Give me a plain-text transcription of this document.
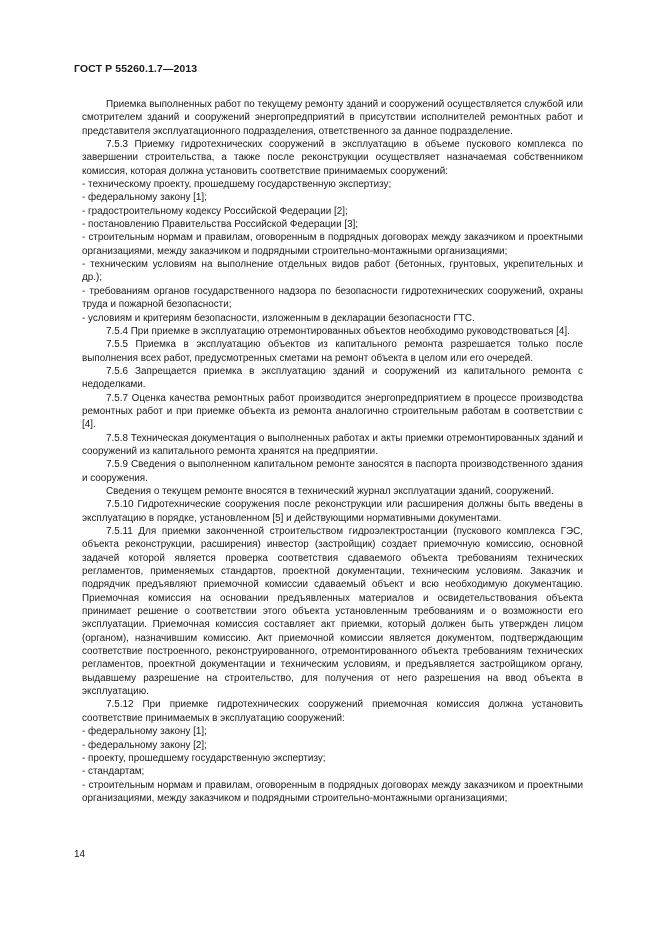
ГОСТ Р 55260.1.7—2013

Приемка выполненных работ по текущему ремонту зданий и сооружений осуществляется службой или смотрителем зданий и сооружений энергопредприятий в присутствии исполнителей ремонтных работ и представителя эксплуатационного подразделения, ответственного за данное подразделение.

7.5.3 Приемку гидротехнических сооружений в эксплуатацию в объеме пускового комплекса по завершении строительства, а также после реконструкции осуществляет назначаемая собственником комиссия, которая должна установить соответствие принимаемых сооружений:

- техническому проекту, прошедшему государственную экспертизу;

- федеральному закону [1];

- градостроительному кодексу Российской Федерации [2];

- постановлению Правительства Российской Федерации [3];

- строительным нормам и правилам, оговоренным в подрядных договорах между заказчиком и проектными организациями, между заказчиком и подрядными строительно-монтажными организациями;

- техническим условиям на выполнение отдельных видов работ (бетонных, грунтовых, укрепительных и др.);

- требованиям органов государственного надзора по безопасности гидротехнических сооружений, охраны труда и пожарной безопасности;

- условиям и критериям безопасности, изложенным в декларации безопасности ГТС.

7.5.4 При приемке в эксплуатацию отремонтированных объектов необходимо руководствоваться [4].

7.5.5 Приемка в эксплуатацию объектов из капитального ремонта разрешается только после выполнения всех работ, предусмотренных сметами на ремонт объекта в целом или его очередей.

7.5.6 Запрещается приемка в эксплуатацию зданий и сооружений из капитального ремонта с недоделками.

7.5.7 Оценка качества ремонтных работ производится энергопредприятием в процессе производства ремонтных работ и при приемке объекта из ремонта аналогично строительным работам в соответствии с [4].

7.5.8 Техническая документация о выполненных работах и акты приемки отремонтированных зданий и сооружений из капитального ремонта хранятся на предприятии.

7.5.9 Сведения о выполненном капитальном ремонте заносятся в паспорта производственного здания и сооружения.

Сведения о текущем ремонте вносятся в технический журнал эксплуатации зданий, сооружений.

7.5.10 Гидротехнические сооружения после реконструкции или расширения должны быть введены в эксплуатацию в порядке, установленном [5] и действующими нормативными документами.

7.5.11 Для приемки законченной строительством гидроэлектростанции (пускового комплекса ГЭС, объекта реконструкции, расширения) инвестор (застройщик) создает приемочную комиссию, основной задачей которой является проверка соответствия сдаваемого объекта требованиям технических регламентов, применяемых стандартов, проектной документации, техническим условиям. Заказчик и подрядчик предъявляют приемочной комиссии сдаваемый объект и всю необходимую документацию. Приемочная комиссия на основании предъявленных материалов и освидетельствования объекта принимает решение о соответствии этого объекта установленным требованиям и о возможности его эксплуатации. Приемочная комиссия составляет акт приемки, который должен быть утвержден лицом (органом), назначившим комиссию. Акт приемочной комиссии является документом, подтверждающим соответствие построенного, реконструированного, отремонтированного объекта требованиям технических регламентов, проектной документации и техническим условиям, и предъявляется застройщиком органу, выдавшему разрешение на строительство, для получения от него разрешения на ввод объекта в эксплуатацию.

7.5.12 При приемке гидротехнических сооружений приемочная комиссия должна установить соответствие принимаемых в эксплуатацию сооружений:

- федеральному закону [1];

- федеральному закону [2];

- проекту, прошедшему государственную экспертизу;

- стандартам;

- строительным нормам и правилам, оговоренным в подрядных договорах между заказчиком и проектными организациями, между заказчиком и подрядными строительно-монтажными организациями;

14
